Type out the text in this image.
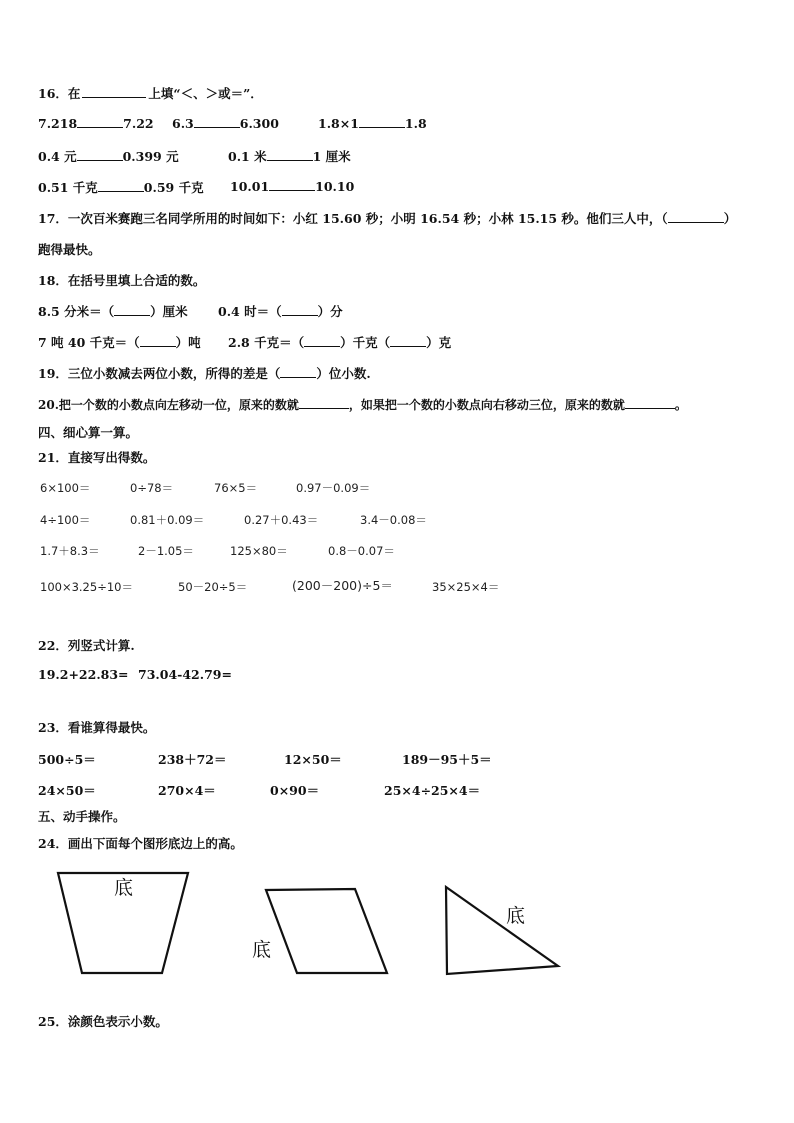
16．在	上填“＜、＞或＝”．
7.218	7.22 6.3	6.300	1.8×1	1.8
0.4 元	0.399 元	0.1 米	1 厘米
0.51 千克	0.59 千克 10.01	10.10
17．一次百米赛跑三名同学所用的时间如下：小红 15.60 秒；小明 16.54 秒；小林 15.15 秒。他们三人中，（	）
跑得最快。
18．在括号里填上合适的数。
8.5 分米＝（	）厘米 0.4 时＝（	）分
7 吨 40 千克＝（	）吨 2.8 千克＝（	）千克（	）克
19．三位小数减去两位小数，所得的差是（	）位小数.
20.把一个数的小数点向左移动一位，原来的数就	，如果把一个数的小数点向右移动三位，原来的数就	。
四、细心算一算。
21．直接写出得数。
6×100＝	0÷78＝	76×5＝	0.97－0.09＝
4÷100＝	0.81＋0.09＝	0.27＋0.43＝	3.4－0.08＝
1.7＋8.3＝	2－1.05＝	125×80＝	0.8－0.07＝
100×3.25÷10＝	50－20÷5＝	(200－200)÷5＝	35×25×4＝
22．列竖式计算.
19.2+22.83= 73.04-42.79=
23．看谁算得最快。
500÷5＝	238＋72＝	12×50＝	189－95＋5＝
24×50＝	270×4＝	0×90＝	25×4÷25×4＝
五、动手操作。
24．画出下面每个图形底边上的高。
底
底
底
25．涂颜色表示小数。
